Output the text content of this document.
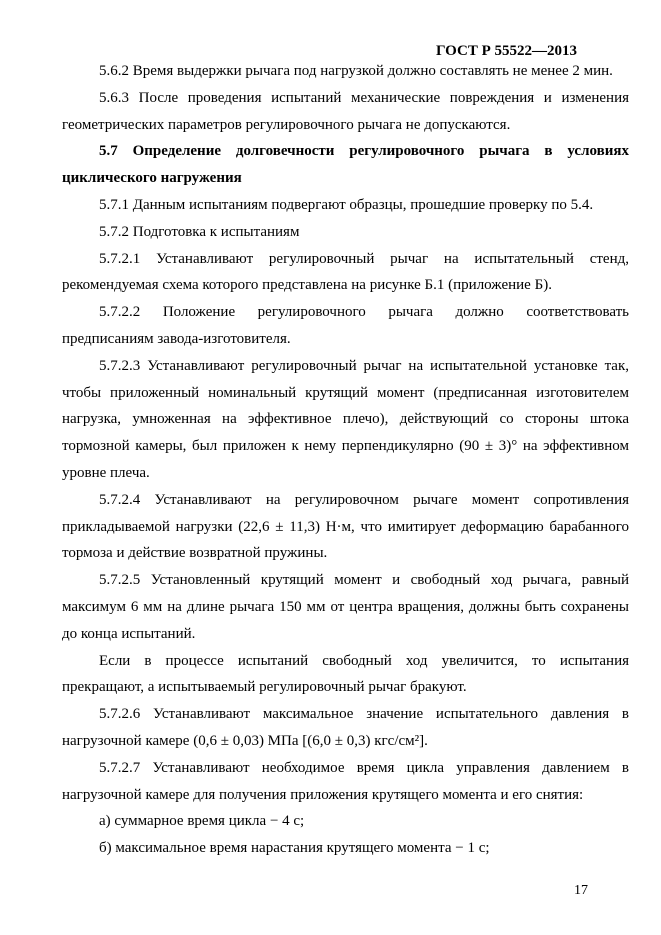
ГОСТ Р 55522—2013

5.6.2 Время выдержки рычага под нагрузкой должно составлять не менее 2 мин.

5.6.3 После проведения испытаний механические повреждения и изменения геометрических параметров регулировочного рычага не допускаются.

5.7 Определение долговечности регулировочного рычага в условиях циклического нагружения

5.7.1 Данным испытаниям подвергают образцы, прошедшие проверку по 5.4.

5.7.2 Подготовка к испытаниям

5.7.2.1 Устанавливают регулировочный рычаг на испытательный стенд, рекомендуемая схема которого представлена на рисунке Б.1 (приложение Б).

5.7.2.2 Положение регулировочного рычага должно соответствовать предписаниям завода-изготовителя.

5.7.2.3 Устанавливают регулировочный рычаг на испытательной установке так, чтобы приложенный номинальный крутящий момент (предписанная изготовителем нагрузка, умноженная на эффективное плечо), действующий со стороны штока тормозной камеры, был приложен к нему перпендикулярно (90 ± 3)° на эффективном уровне плеча.

5.7.2.4 Устанавливают на регулировочном рычаге момент сопротивления прикладываемой нагрузки (22,6 ± 11,3) Н·м, что имитирует деформацию барабанного тормоза и действие возвратной пружины.

5.7.2.5 Установленный крутящий момент и свободный ход рычага, равный максимум 6 мм на длине рычага 150 мм от центра вращения, должны быть сохранены до конца испытаний.

Если в процессе испытаний свободный ход увеличится, то испытания прекращают, а испытываемый регулировочный рычаг бракуют.

5.7.2.6 Устанавливают максимальное значение испытательного давления в нагрузочной камере (0,6 ± 0,03) МПа [(6,0 ± 0,3) кгс/см²].

5.7.2.7 Устанавливают необходимое время цикла управления давлением в нагрузочной камере для получения приложения крутящего момента и его снятия:

а) суммарное время цикла − 4 с;

б) максимальное время нарастания крутящего момента − 1 с;

17
